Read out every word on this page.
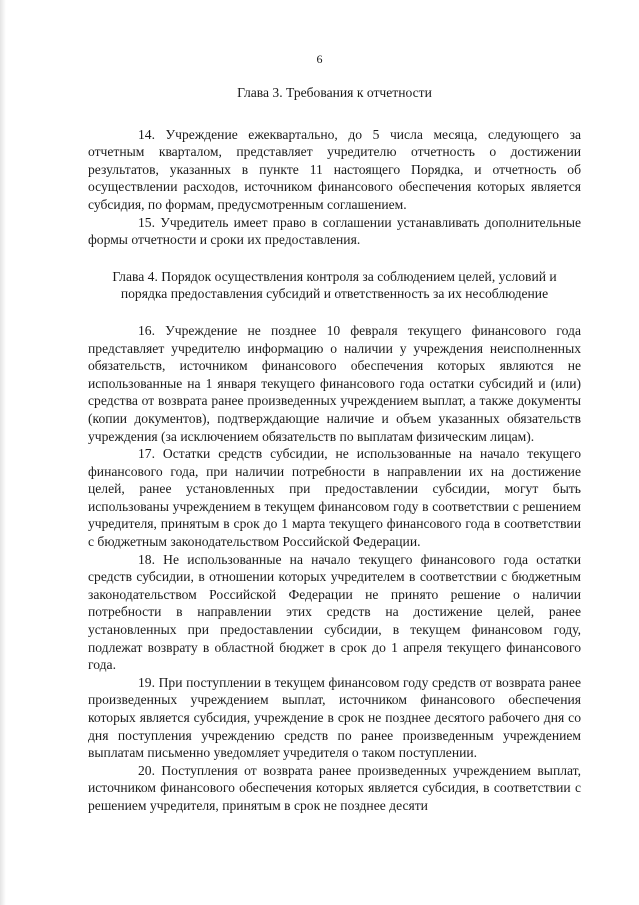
6
Глава 3. Требования к отчетности

14. Учреждение ежеквартально, до 5 числа месяца, следующего за отчетным кварталом, представляет учредителю отчетность о достижении результатов, указанных в пункте 11 настоящего Порядка, и отчетность об осуществлении расходов, источником финансового обеспечения которых является субсидия, по формам, предусмотренным соглашением.

15. Учредитель имеет право в соглашении устанавливать дополнительные формы отчетности и сроки их предоставления.

Глава 4. Порядок осуществления контроля за соблюдением целей, условий и порядка предоставления субсидий и ответственность за их несоблюдение

16. Учреждение не позднее 10 февраля текущего финансового года представляет учредителю информацию о наличии у учреждения неисполненных обязательств, источником финансового обеспечения которых являются не использованные на 1 января текущего финансового года остатки субсидий и (или) средства от возврата ранее произведенных учреждением выплат, а также документы (копии документов), подтверждающие наличие и объем указанных обязательств учреждения (за исключением обязательств по выплатам физическим лицам).

17. Остатки средств субсидии, не использованные на начало текущего финансового года, при наличии потребности в направлении их на достижение целей, ранее установленных при предоставлении субсидии, могут быть использованы учреждением в текущем финансовом году в соответствии с решением учредителя, принятым в срок до 1 марта текущего финансового года в соответствии с бюджетным законодательством Российской Федерации.

18. Не использованные на начало текущего финансового года остатки средств субсидии, в отношении которых учредителем в соответствии с бюджетным законодательством Российской Федерации не принято решение о наличии потребности в направлении этих средств на достижение целей, ранее установленных при предоставлении субсидии, в текущем финансовом году, подлежат возврату в областной бюджет в срок до 1 апреля текущего финансового года.

19. При поступлении в текущем финансовом году средств от возврата ранее произведенных учреждением выплат, источником финансового обеспечения которых является субсидия, учреждение в срок не позднее десятого рабочего дня со дня поступления учреждению средств по ранее произведенным учреждением выплатам письменно уведомляет учредителя о таком поступлении.

20. Поступления от возврата ранее произведенных учреждением выплат, источником финансового обеспечения которых является субсидия, в соответствии с решением учредителя, принятым в срок не позднее десяти
